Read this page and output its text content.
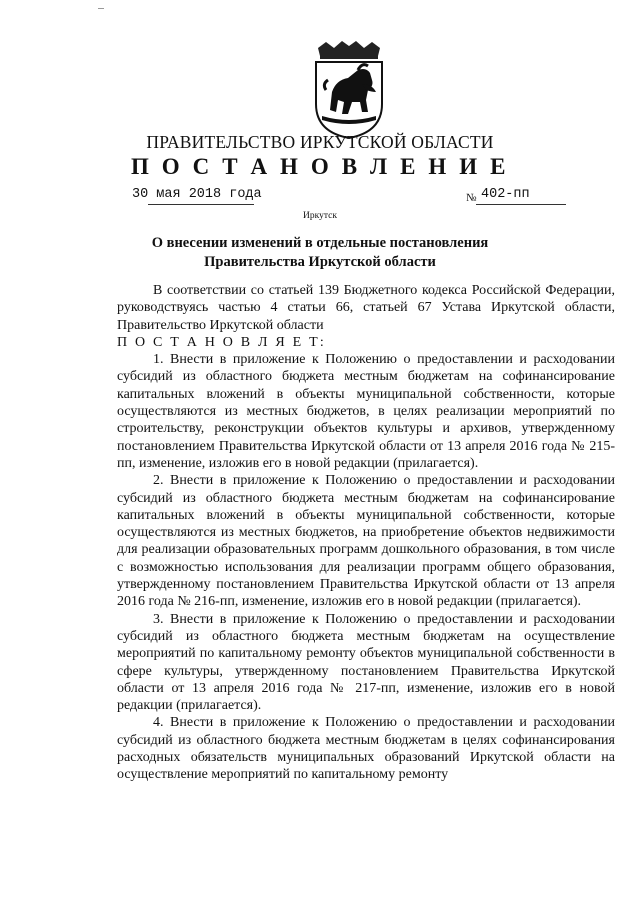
ПРАВИТЕЛЬСТВО ИРКУТСКОЙ ОБЛАСТИ
П О С Т А Н О В Л Е Н И Е
30 мая 2018 года	№ 402-пп
Иркутск
О внесении изменений в отдельные постановления Правительства Иркутской области

В соответствии со статьей 139 Бюджетного кодекса Российской Федерации, руководствуясь частью 4 статьи 66, статьей 67 Устава Иркутской области, Правительство Иркутской области

П О С Т А Н О В Л Я Е Т:

1. Внести в приложение к Положению о предоставлении и расходовании субсидий из областного бюджета местным бюджетам на софинансирование капитальных вложений в объекты муниципальной собственности, которые осуществляются из местных бюджетов, в целях реализации мероприятий по строительству, реконструкции объектов культуры и архивов, утвержденному постановлением Правительства Иркутской области от 13 апреля 2016 года № 215-пп, изменение, изложив его в новой редакции (прилагается).

2. Внести в приложение к Положению о предоставлении и расходовании субсидий из областного бюджета местным бюджетам на софинансирование капитальных вложений в объекты муниципальной собственности, которые осуществляются из местных бюджетов, на приобретение объектов недвижимости для реализации образовательных программ дошкольного образования, в том числе с возможностью использования для реализации программ общего образования, утвержденному постановлением Правительства Иркутской области от 13 апреля 2016 года № 216-пп, изменение, изложив его в новой редакции (прилагается).

3. Внести в приложение к Положению о предоставлении и расходовании субсидий из областного бюджета местным бюджетам на осуществление мероприятий по капитальному ремонту объектов муниципальной собственности в сфере культуры, утвержденному постановлением Правительства Иркутской области от 13 апреля 2016 года № 217-пп, изменение, изложив его в новой редакции (прилагается).

4. Внести в приложение к Положению о предоставлении и расходовании субсидий из областного бюджета местным бюджетам в целях софинансирования расходных обязательств муниципальных образований Иркутской области на осуществление мероприятий по капитальному ремонту
